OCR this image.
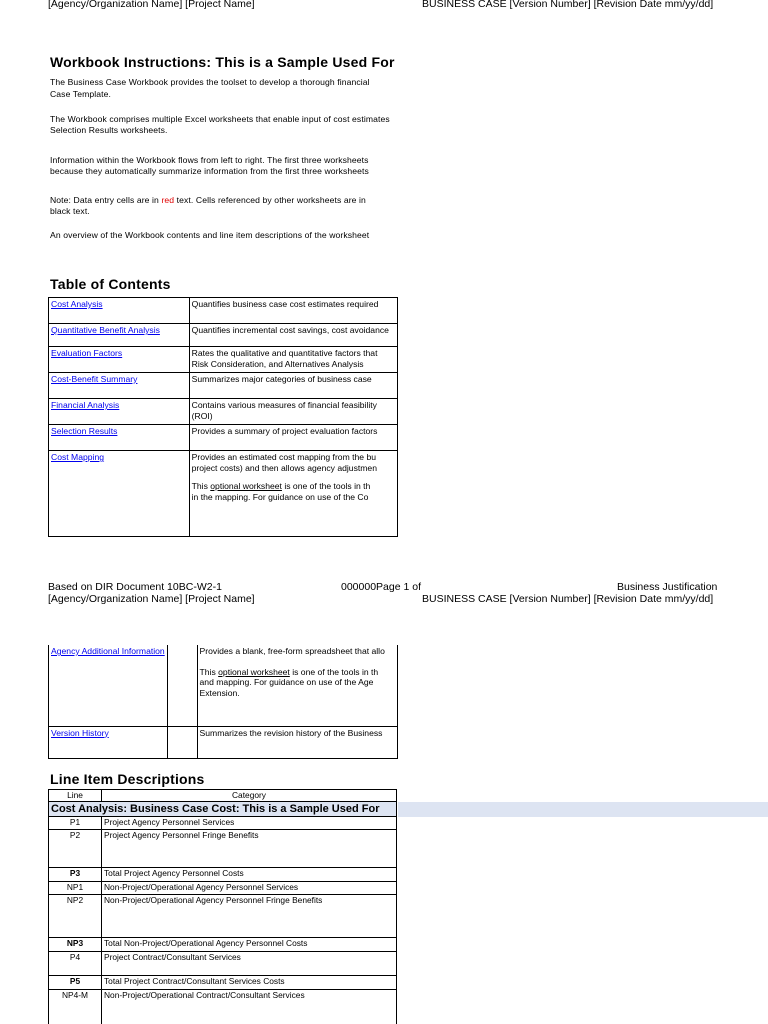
[Agency/Organization Name] [Project Name]	BUSINESS CASE [Version Number] [Revision Date mm/yy/dd]
Workbook Instructions: This is a Sample Used For
The Business Case Workbook provides the toolset to develop a thorough financial
Case Template.
The Workbook comprises multiple Excel worksheets that enable input of cost estimates
Selection Results worksheets.
Information within the Workbook flows from left to right. The first three worksheets
because they automatically summarize information from the first three worksheets
Note: Data entry cells are in red text. Cells referenced by other worksheets are in
black text.
An overview of the Workbook contents and line item descriptions of the worksheet
Table of Contents
Cost Analysis		Quantifies business case cost estimates required

Quantitative Benefit Analysis		Quantifies incremental cost savings, cost avoidance

Evaluation Factors		Rates the qualitative and quantitative factors that
Risk Consideration, and Alternatives Analysis

Cost-Benefit Summary		Summarizes major categories of business case

Financial Analysis		Contains various measures of financial feasibility
(ROI)

Selection Results		Provides a summary of project evaluation factors

Cost Mapping		Provides an estimated cost mapping from the bu
project costs) and then allows agency adjustmen
This optional worksheet is one of the tools in th
in the mapping. For guidance on use of the Co
Based on DIR Document 10BC-W2-1	000000Page 1 of	Business Justification
[Agency/Organization Name] [Project Name]	BUSINESS CASE [Version Number] [Revision Date mm/yy/dd]
Agency Additional Information		Provides a blank, free-form spreadsheet that allo
This optional worksheet is one of the tools in th
and mapping. For guidance on use of the Age
Extension.

Version History		Summarizes the revision history of the Business
Line Item Descriptions
Line	Category
Cost Analysis: Business Case Cost: This is a Sample Used For	
P1	Project Agency Personnel Services
P2	Project Agency Personnel Fringe Benefits
P3	Total Project Agency Personnel Costs
NP1	Non-Project/Operational Agency Personnel Services
NP2	Non-Project/Operational Agency Personnel Fringe Benefits
NP3	Total Non-Project/Operational Agency Personnel Costs
P4	Project Contract/Consultant Services
P5	Total Project Contract/Consultant Services Costs
NP4-M	Non-Project/Operational Contract/Consultant Services
